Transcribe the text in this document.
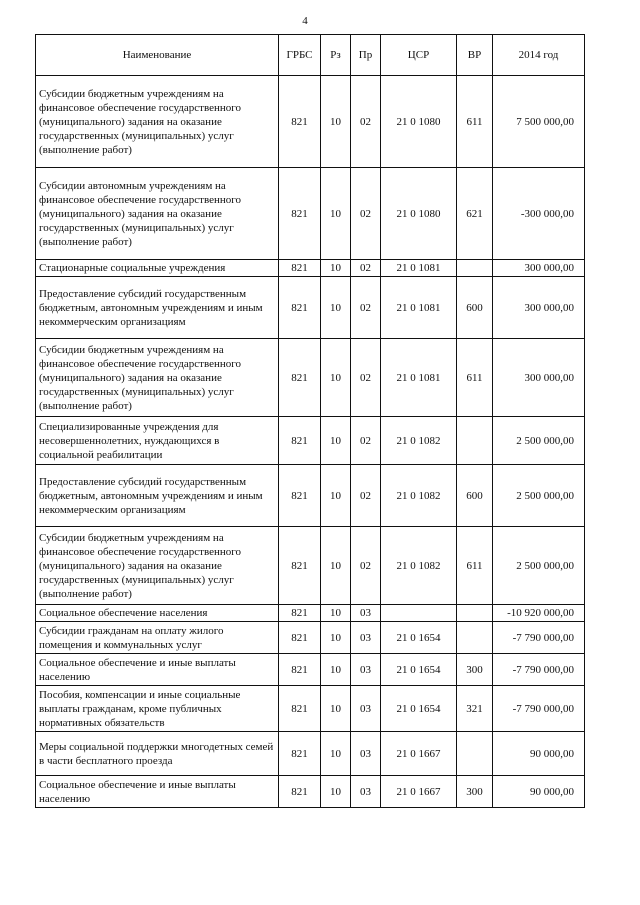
4
Наименование	ГРБС	Рз	Пр	ЦСР	ВР	2014 год
Субсидии бюджетным учреждениям на финансовое обеспечение государственного (муниципального) задания на оказание государственных (муниципальных) услуг (выполнение работ)	821	10	02	21 0 1080	611	7 500 000,00
Субсидии автономным учреждениям на финансовое обеспечение государственного (муниципального) задания на оказание государственных (муниципальных) услуг (выполнение работ)	821	10	02	21 0 1080	621	-300 000,00
Стационарные социальные учреждения	821	10	02	21 0 1081		300 000,00
Предоставление субсидий государственным бюджетным, автономным учреждениям и иным некоммерческим организациям	821	10	02	21 0 1081	600	300 000,00
Субсидии бюджетным учреждениям на финансовое обеспечение государственного (муниципального) задания на оказание государственных (муниципальных) услуг (выполнение работ)	821	10	02	21 0 1081	611	300 000,00
Специализированные учреждения для несовершеннолетних, нуждающихся в социальной реабилитации	821	10	02	21 0 1082		2 500 000,00
Предоставление субсидий государственным бюджетным, автономным учреждениям и иным некоммерческим организациям	821	10	02	21 0 1082	600	2 500 000,00
Субсидии бюджетным учреждениям на финансовое обеспечение государственного (муниципального) задания на оказание государственных (муниципальных) услуг (выполнение работ)	821	10	02	21 0 1082	611	2 500 000,00
Социальное обеспечение населения	821	10	03			-10 920 000,00
Субсидии гражданам на оплату жилого помещения и коммунальных услуг	821	10	03	21 0 1654		-7 790 000,00
Социальное обеспечение и иные выплаты населению	821	10	03	21 0 1654	300	-7 790 000,00
Пособия, компенсации и иные социальные выплаты гражданам, кроме публичных нормативных обязательств	821	10	03	21 0 1654	321	-7 790 000,00
Меры социальной поддержки многодетных семей в части бесплатного проезда	821	10	03	21 0 1667		90 000,00
Социальное обеспечение и иные выплаты населению	821	10	03	21 0 1667	300	90 000,00
